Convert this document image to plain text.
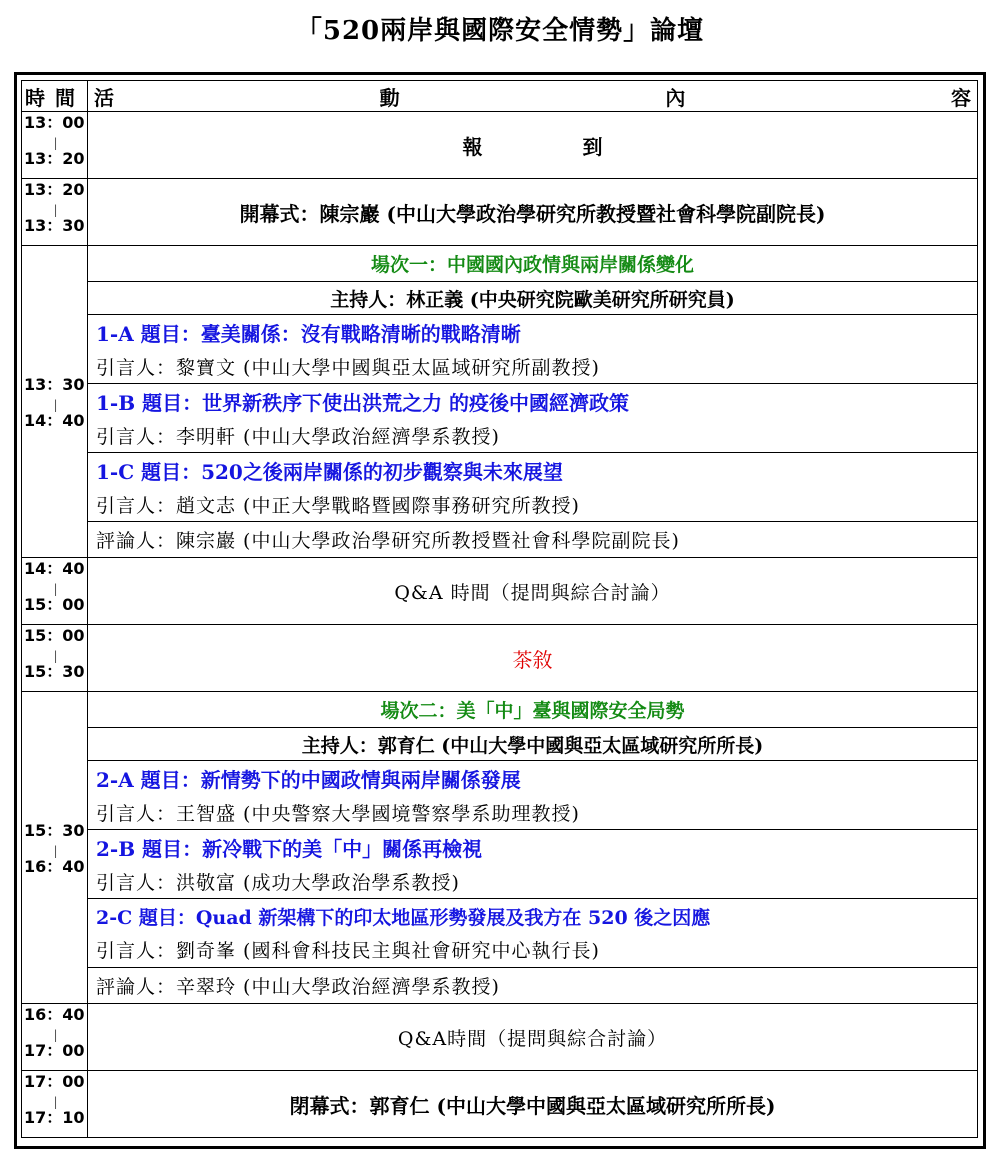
「520兩岸與國際安全情勢」論壇
時間	活 動 內 容

13：00
|
13：20	報　　　　　到

13：20
|
13：30	開幕式：陳宗巖 (中山大學政治學研究所教授暨社會科學院副院長)

13：30
|
14：40	場次一：中國國內政情與兩岸關係變化
	主持人：林正義 (中央研究院歐美研究所研究員)

	1-A 題目：臺美關係：沒有戰略清晰的戰略清晰
引言人：黎寶文 (中山大學中國與亞太區域研究所副教授)

	1-B 題目：世界新秩序下使出洪荒之力 的疫後中國經濟政策
引言人：李明軒 (中山大學政治經濟學系教授)

	1-C 題目：520之後兩岸關係的初步觀察與未來展望
引言人：趙文志 (中正大學戰略暨國際事務研究所教授)

	評論人：陳宗巖 (中山大學政治學研究所教授暨社會科學院副院長)

14：40
|
15：00	Q&A 時間（提問與綜合討論）

15：00
|
15：30	茶敘

15：30
|
16：40	場次二：美「中」臺與國際安全局勢
	主持人：郭育仁 (中山大學中國與亞太區域研究所所長)

	2-A 題目：新情勢下的中國政情與兩岸關係發展
引言人：王智盛 (中央警察大學國境警察學系助理教授)

	2-B 題目：新冷戰下的美「中」關係再檢視
引言人：洪敬富 (成功大學政治學系教授)

	2-C 題目：Quad 新架構下的印太地區形勢發展及我方在 520 後之因應
引言人：劉奇峯 (國科會科技民主與社會研究中心執行長)

	評論人：辛翠玲 (中山大學政治經濟學系教授)

16：40
|
17：00	Q&A時間（提問與綜合討論）

17：00
|
17：10	閉幕式：郭育仁 (中山大學中國與亞太區域研究所所長)
